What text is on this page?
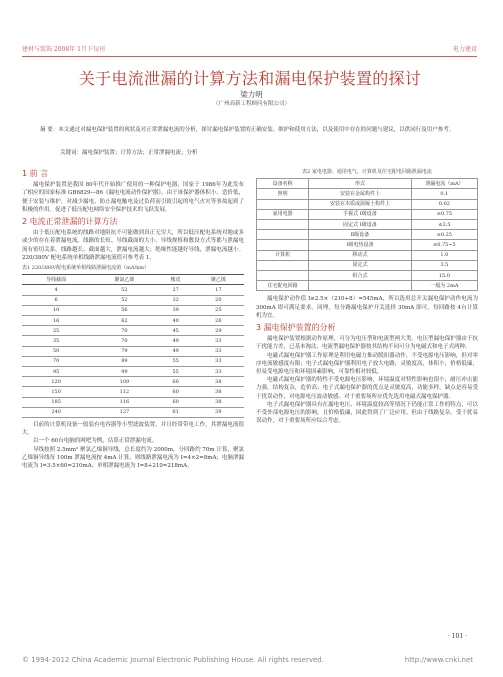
建材与装饰 2008年 1月下旬刊	电力建设
关于电流泄漏的计算方法和漏电保护装置的探讨
梁力明
（广州高新工程顾问有限公司）
摘 要：本文通过对漏电保护装置的现状及对正常泄漏电流的分析，探讨漏电保护装置的正确安装、维护和使用方法，以及使用中存在的问题与建议，以供同行及用户参考。
关键词：漏电保护装置；计算方法；正常泄漏电流；分析
1 前 言

漏电保护装置是我国 80年代开始推广使用的一种保护电器，国家于 1986年为此发布了相应的国家标准 GB6829—86《漏电电流动作保护器》。由于该保护器体积小、造价低，便于安装与维护，对减少漏电、防止漏电触电及过负荷而引致引起的电气火灾等事故起到了积极的作用。促进了低压配电网络安全保护技术的飞跃发展。

2 电流正常泄漏的计算方法

由于低压配电系统的线路对地阻抗不可能做到真正无穷大，所以低压配电系统对地或多或少的存在着泄漏电流。线路的长短、导线截面的大小、导线规格和敷设方式等都与泄漏电流有密切关系。线路越长、截面越大，泄漏电流越大；绝缘性能越好导线，泄漏电流越小。220/380V 配电系统单相线路泄漏电流值可参考表 1。

表1 220/380V配电系统单相线路泄漏电流值（mA/km）
导线截面	聚氯乙烯	橡皮	聚乙烯
4	52	27	17
6	52	32	20
10	56	39	25
16	62	40	26
25	70	45	29
35	70	49	33
50	79	49	33
70	89	55	33
95	99	55	33
120	109	60	38
150	112	60	38
185	116	60	38
240	127	61	39

目前的计算机设备一般装有电容器等小型滤波装置，并且经常带电工作，其泄漏电流很大。

以一个 60台电脑的网吧为例，估算正常泄漏电流。

导线按照 2.5mm² 聚氯乙烯铜导线，总长度约为 2000m，分回路约 70m 计算，聚氯乙烯铜导线每 100m 泄漏电流按 4mA 计算，则线路泄漏电流为 I=4×2=8mA；电脑泄漏电流为 I=3.5×60=210mA；单相泄漏电流为 I=8+210=218mA。

表2 家电电器、通用电气、计算机及住宅配电回路泄漏电流
设备名称	形式	泄漏电流（mA）
照明	安装在金属构件上	0.1
	安装在木质或混凝土构件上	0.02
家用电器	手握式 Ⅰ级设备	≤0.75
	固定式 Ⅰ级设备	≤3.5
	Ⅱ级设备	≤0.25
	Ⅰ级电热设备	≤0.75~5
计算机	移动式	1.0
	固定式	3.5
	组合式	15.0
住宅配电回路		一般为 2mA

漏电保护动作值 I≥2.5×（210+8）=545mA，所以选用总开关漏电保护动作电流为 300mA 即可满足要求。同理，每分路漏电保护开关选择 30mA 即可，每回路按 4台计算机为宜。

3 漏电保护装置的分析

漏电保护装置根据动作原理，可分为电压型和电流型两大类。电压型漏电保护器由于抗干扰能力差，已基本淘汰。电流型漏电保护器按其结构不同可分为电磁式和电子式两种。

电磁式漏电保护器工作原理是利用电磁力推动脱扣器动作，不受电源电压影响，但对零序电流敏感度有限；电子式漏电保护器利用电子放大电路，灵敏度高，体积小，价格低廉，但易受电源电压和环境因素影响，可靠性相对较低。

电磁式漏电保护器的特性不受电源电压影响，环境温度对特性影响也很小，耐压冲击能力强，结构复杂，造价高；电子式漏电保护器的优点是灵敏度高，功能多样，缺点是容易受干扰误动作，对电源电压波动敏感。对于重要场所应优先选用电磁式漏电保护器。

电子式漏电保护器具有在漏电电压、环境温度较高等情况下仍能正常工作的特点，可以不受外部电源电压的影响，且价格低廉，因此得到了广泛应用。但由于线路复杂，受干扰易误动作，对于重要场所应综合考虑。

· 101 ·
© 1994-2012 China Academic Journal Electronic Publishing House. All rights reserved.	http://www.cnki.net
